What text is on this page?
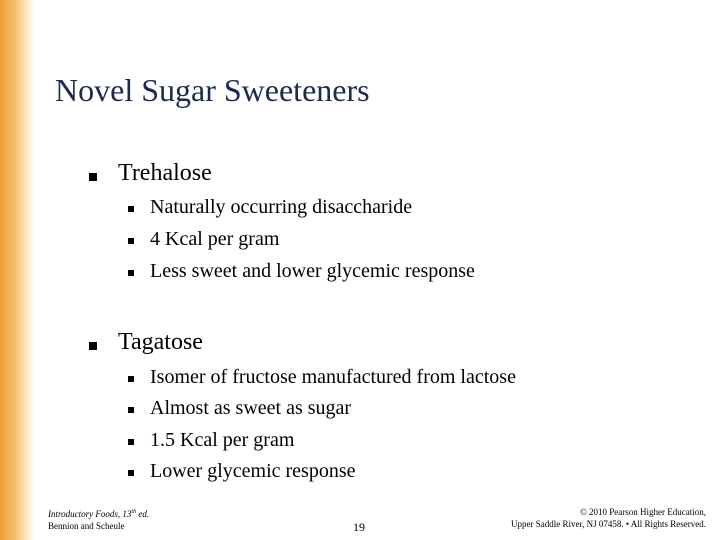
Novel Sugar Sweeteners
Trehalose
Naturally occurring disaccharide
4 Kcal per gram
Less sweet and lower glycemic response
Tagatose
Isomer of fructose manufactured from lactose
Almost as sweet as sugar
1.5 Kcal per gram
Lower glycemic response
Introductory Foods, 13th ed.
Bennion and Scheule	19
© 2010 Pearson Higher Education,
Upper Saddle River, NJ 07458. • All Rights Reserved.
